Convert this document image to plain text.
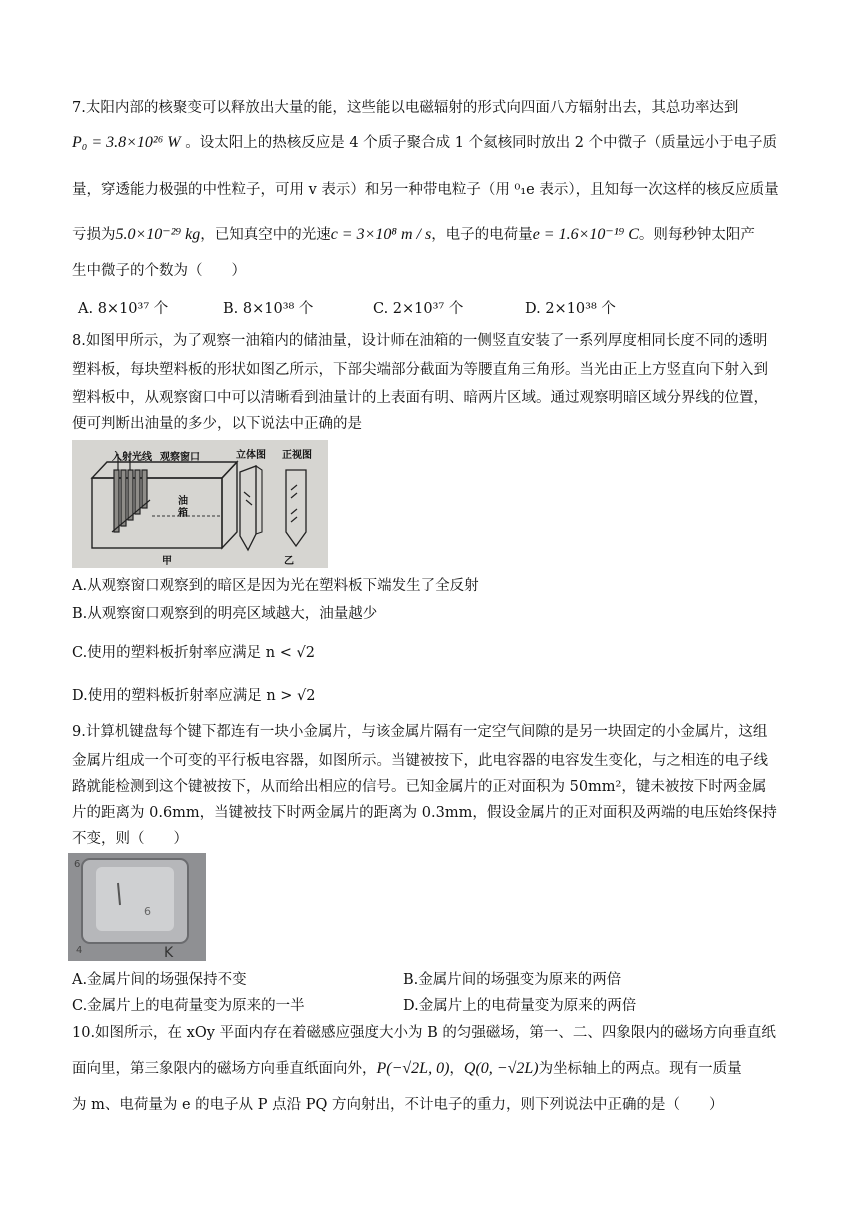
7.太阳内部的核聚变可以释放出大量的能，这些能以电磁辐射的形式向四面八方辐射出去，其总功率达到
P₀ = 3.8×10²⁶ W 。设太阳上的热核反应是 4 个质子聚合成 1 个氦核同时放出 2 个中微子（质量远小于电子质
量，穿透能力极强的中性粒子，可用 v 表示）和另一种带电粒子（用 ⁰₁e 表示），且知每一次这样的核反应质量
亏损为5.0×10⁻²⁹ kg，已知真空中的光速c = 3×10⁸ m / s，电子的电荷量e = 1.6×10⁻¹⁹ C。则每秒钟太阳产
生中微子的个数为（　　）
A. 8×10³⁷ 个	B. 8×10³⁸ 个	C. 2×10³⁷ 个	D. 2×10³⁸ 个
8.如图甲所示，为了观察一油箱内的储油量，设计师在油箱的一侧竖直安装了一系列厚度相同长度不同的透明
塑料板，每块塑料板的形状如图乙所示，下部尖端部分截面为等腰直角三角形。当光由正上方竖直向下射入到
塑料板中，从观察窗口中可以清晰看到油量计的上表面有明、暗两片区域。通过观察明暗区域分界线的位置，
便可判断出油量的多少，以下说法中正确的是
入射光线 观察窗口
油箱
甲
立体图 正视图
乙
A.从观察窗口观察到的暗区是因为光在塑料板下端发生了全反射
B.从观察窗口观察到的明亮区域越大，油量越少
C.使用的塑料板折射率应满足 n < √2
D.使用的塑料板折射率应满足 n > √2
9.计算机键盘每个键下都连有一块小金属片，与该金属片隔有一定空气间隙的是另一块固定的小金属片，这组
金属片组成一个可变的平行板电容器，如图所示。当键被按下，此电容器的电容发生变化，与之相连的电子线
路就能检测到这个键被按下，从而给出相应的信号。已知金属片的正对面积为 50mm²，键未被按下时两金属
片的距离为 0.6mm，当键被技下时两金属片的距离为 0.3mm，假设金属片的正对面积及两端的电压始终保持
不变，则（　　）
6
6
4	K
A.金属片间的场强保持不变	B.金属片间的场强变为原来的两倍
C.金属片上的电荷量变为原来的一半	D.金属片上的电荷量变为原来的两倍
10.如图所示，在 xOy 平面内存在着磁感应强度大小为 B 的匀强磁场，第一、二、四象限内的磁场方向垂直纸
面向里，第三象限内的磁场方向垂直纸面向外，P(−√2L, 0)，Q(0, −√2L)为坐标轴上的两点。现有一质量
为 m、电荷量为 e 的电子从 P 点沿 PQ 方向射出，不计电子的重力，则下列说法中正确的是（　　）
